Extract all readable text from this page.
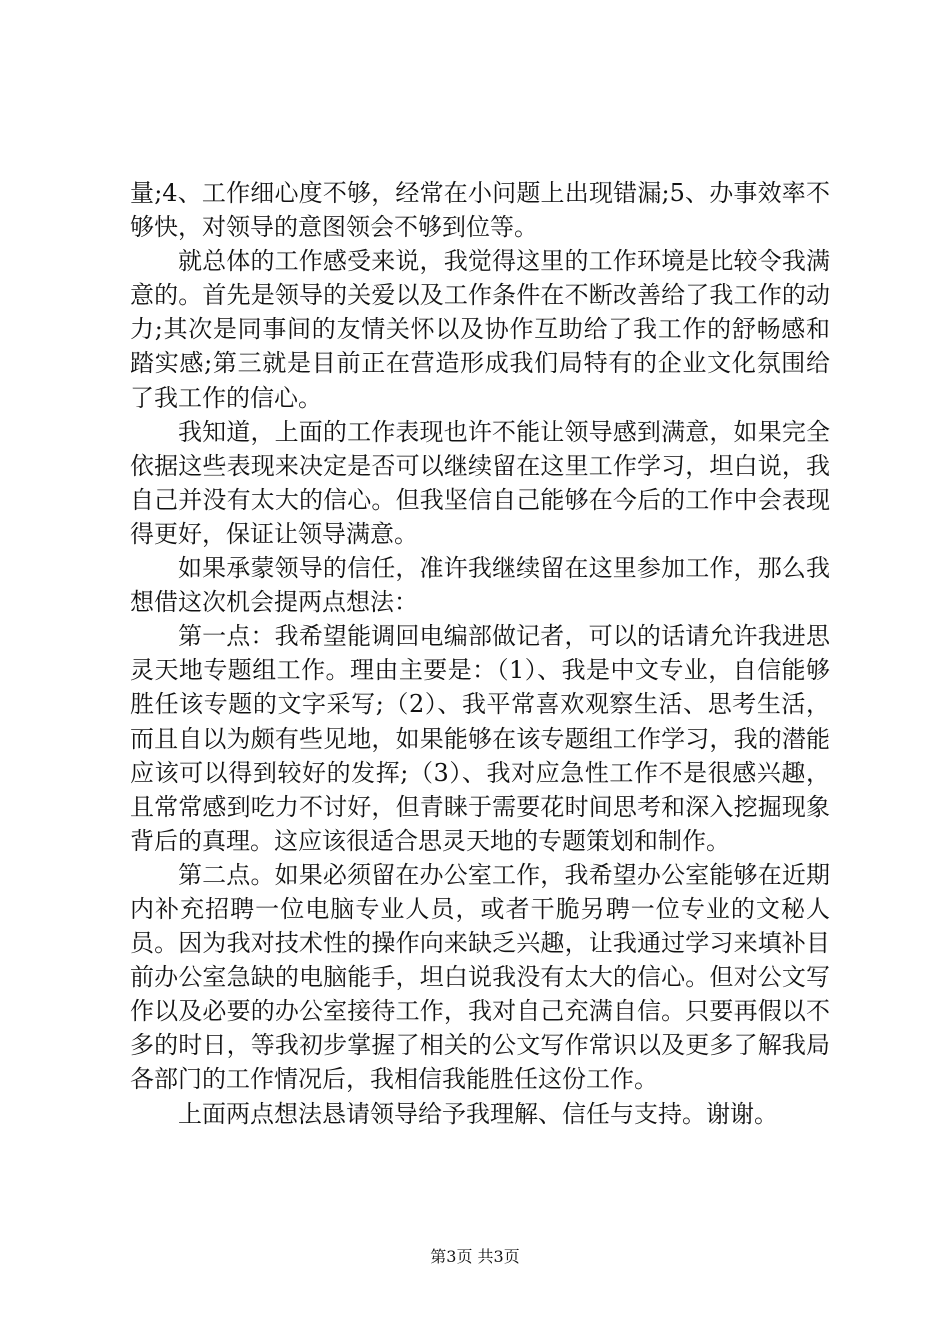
量;4、工作细心度不够，经常在小问题上出现错漏;5、办事效率不够快，对领导的意图领会不够到位等。

就总体的工作感受来说，我觉得这里的工作环境是比较令我满意的。首先是领导的关爱以及工作条件在不断改善给了我工作的动力;其次是同事间的友情关怀以及协作互助给了我工作的舒畅感和踏实感;第三就是目前正在营造形成我们局特有的企业文化氛围给了我工作的信心。

我知道，上面的工作表现也许不能让领导感到满意，如果完全依据这些表现来决定是否可以继续留在这里工作学习，坦白说，我自己并没有太大的信心。但我坚信自己能够在今后的工作中会表现得更好，保证让领导满意。

如果承蒙领导的信任，准许我继续留在这里参加工作，那么我想借这次机会提两点想法：

第一点：我希望能调回电编部做记者，可以的话请允许我进思灵天地专题组工作。理由主要是：（1）、我是中文专业，自信能够胜任该专题的文字采写;（2）、我平常喜欢观察生活、思考生活，而且自以为颇有些见地，如果能够在该专题组工作学习，我的潜能应该可以得到较好的发挥;（3）、我对应急性工作不是很感兴趣，且常常感到吃力不讨好，但青睐于需要花时间思考和深入挖掘现象背后的真理。这应该很适合思灵天地的专题策划和制作。

第二点。如果必须留在办公室工作，我希望办公室能够在近期内补充招聘一位电脑专业人员，或者干脆另聘一位专业的文秘人员。因为我对技术性的操作向来缺乏兴趣，让我通过学习来填补目前办公室急缺的电脑能手，坦白说我没有太大的信心。但对公文写作以及必要的办公室接待工作，我对自己充满自信。只要再假以不多的时日，等我初步掌握了相关的公文写作常识以及更多了解我局各部门的工作情况后，我相信我能胜任这份工作。

上面两点想法恳请领导给予我理解、信任与支持。谢谢。

第3页 共3页
